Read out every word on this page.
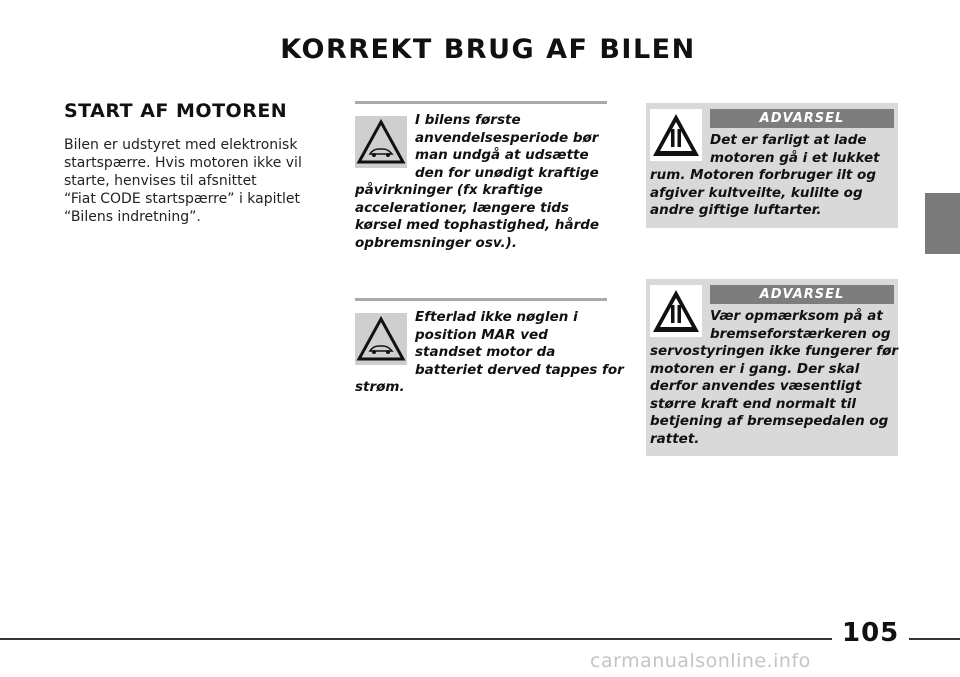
KORREKT BRUG AF BILEN
START AF MOTOREN
Bilen er udstyret med elektronisk
startspærre. Hvis motoren ikke vil
starte, henvises til afsnittet
“Fiat CODE startspærre” i kapitlet
“Bilens indretning”.
I bilens første
anvendelsesperiode bør
man undgå at udsætte
den for unødigt kraftige
påvirkninger (fx kraftige
accelerationer, længere tids
kørsel med tophastighed, hårde
opbremsninger osv.).
Efterlad ikke nøglen i
position MAR ved
standset motor da
batteriet derved tappes for
strøm.
ADVARSEL
Det er farligt at lade
motoren gå i et lukket
rum. Motoren forbruger ilt og
afgiver kultveilte, kulilte og
andre giftige luftarter.
ADVARSEL
Vær opmærksom på at
bremseforstærkeren og
servostyringen ikke fungerer før
motoren er i gang. Der skal
derfor anvendes væsentligt
større kraft end normalt til
betjening af bremsepedalen og
rattet.
105
carmanualsonline.info
